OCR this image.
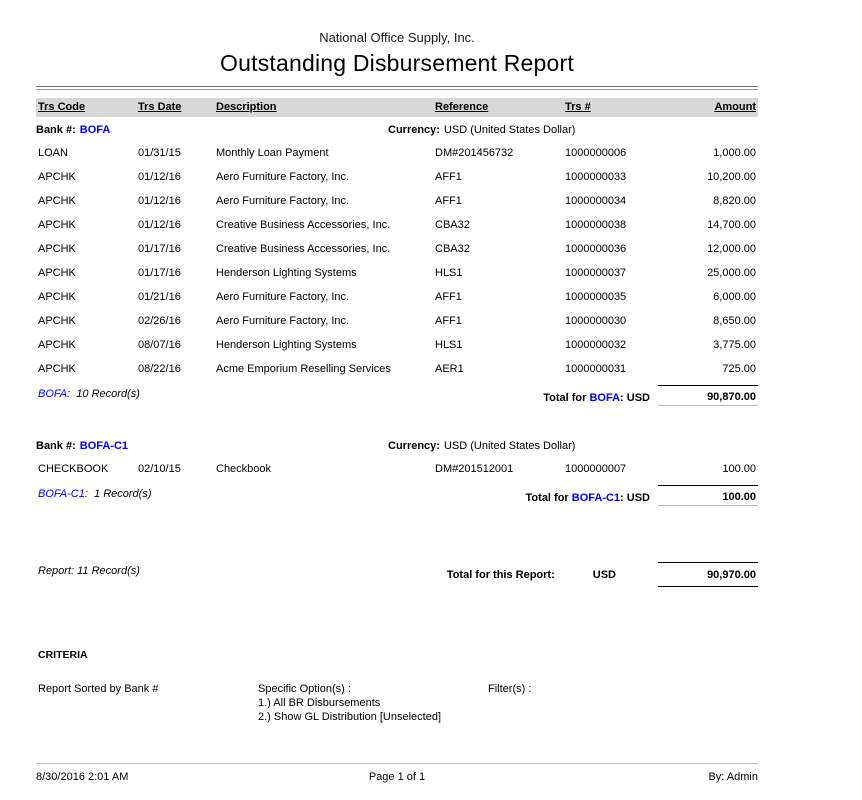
National Office Supply, Inc.
Outstanding Disbursement Report
Trs Code	Trs Date	Description	Reference	Trs #	Amount
Bank #: BOFA	Currency: USD (United States Dollar)
LOAN	01/31/15	Monthly Loan Payment	DM#201456732	1000000006	1,000.00
APCHK	01/12/16	Aero Furniture Factory, Inc.	AFF1	1000000033	10,200.00
APCHK	01/12/16	Aero Furniture Factory, Inc.	AFF1	1000000034	8,820.00
APCHK	01/12/16	Creative Business Accessories, Inc.	CBA32	1000000038	14,700.00
APCHK	01/17/16	Creative Business Accessories, Inc.	CBA32	1000000036	12,000.00
APCHK	01/17/16	Henderson Lighting Systems	HLS1	1000000037	25,000.00
APCHK	01/21/16	Aero Furniture Factory, Inc.	AFF1	1000000035	6,000.00
APCHK	02/26/16	Aero Furniture Factory, Inc.	AFF1	1000000030	8,650.00
APCHK	08/07/16	Henderson Lighting Systems	HLS1	1000000032	3,775.00
APCHK	08/22/16	Acme Emporium Reselling Services	AER1	1000000031	725.00
BOFA:  10 Record(s)	Total for BOFA: USD	90,870.00
Bank #: BOFA-C1	Currency: USD (United States Dollar)
CHECKBOOK	02/10/15	Checkbook	DM#201512001	1000000007	100.00
BOFA-C1:  1 Record(s)	Total for BOFA-C1: USD	100.00
Report: 11 Record(s)	Total for this Report:	USD	90,970.00
CRITERIA
Report Sorted by Bank #	Specific Option(s) :
1.) All BR Disbursements
2.) Show GL Distribution [Unselected]
Filter(s) :
8/30/2016 2:01 AM	Page 1 of 1	By: Admin
